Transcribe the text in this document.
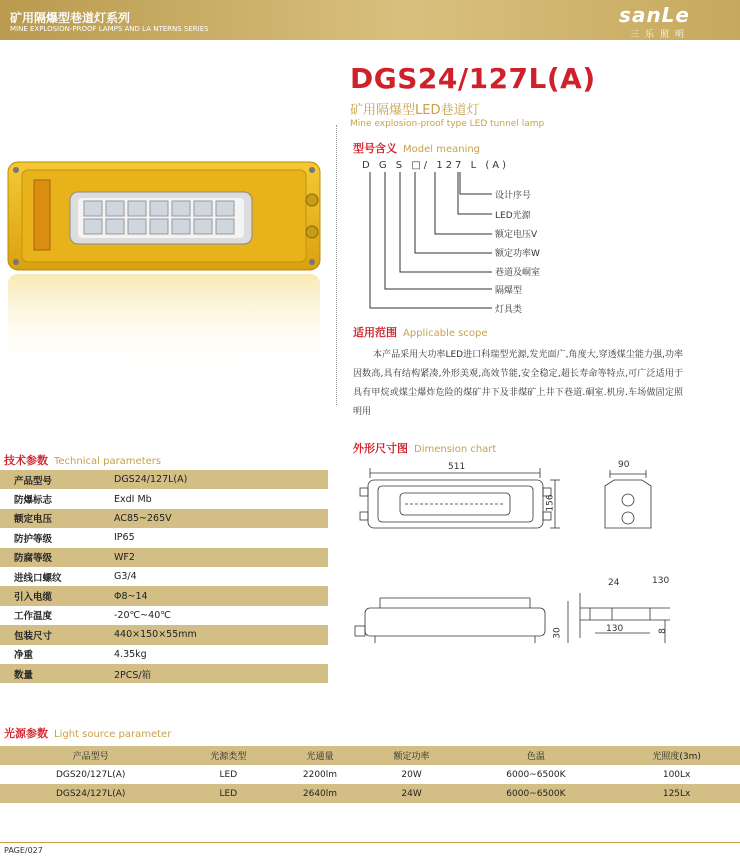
矿用隔爆型巷道灯系列
MINE EXPLOSION-PROOF LAMPS AND LA NTERNS SERIES
sanLe
三乐照明
DGS24/127L(A)
矿用隔爆型LED巷道灯
Mine explosion-proof type LED tunnel lamp
型号含义 Model meaning
D G S □/ 127 L (A)
设计序号
LED光源
额定电压V
额定功率W
巷道及峒室
隔爆型
灯具类
适用范围 Applicable scope
本产品采用大功率LED进口科瑞型光源,发光面广,角度大,穿透煤尘能力强,功率因数高,具有结构紧凑,外形美观,高效节能,安全稳定,超长寿命等特点,可广泛适用于具有甲烷或煤尘爆炸危险的煤矿井下及非煤矿上井下巷道.硐室.机房.车场做固定照明用
外形尺寸图 Dimension chart
511
156
90
24	130
30	130	8
技术参数 Technical parameters
产品型号	DGS24/127L(A)
防爆标志	ExdI Mb
额定电压	AC85~265V
防护等级	IP65
防腐等级	WF2
进线口螺纹	G3/4
引入电缆	Φ8~14
工作温度	-20℃~40℃
包装尺寸	440×150×55mm
净重	4.35kg
数量	2PCS/箱
光源参数 Light source parameter
产品型号	光源类型	光通量	额定功率	色温	光照度(3m)
DGS20/127L(A)	LED	2200lm	20W	6000~6500K	100Lx
DGS24/127L(A)	LED	2640lm	24W	6000~6500K	125Lx
PAGE/027
